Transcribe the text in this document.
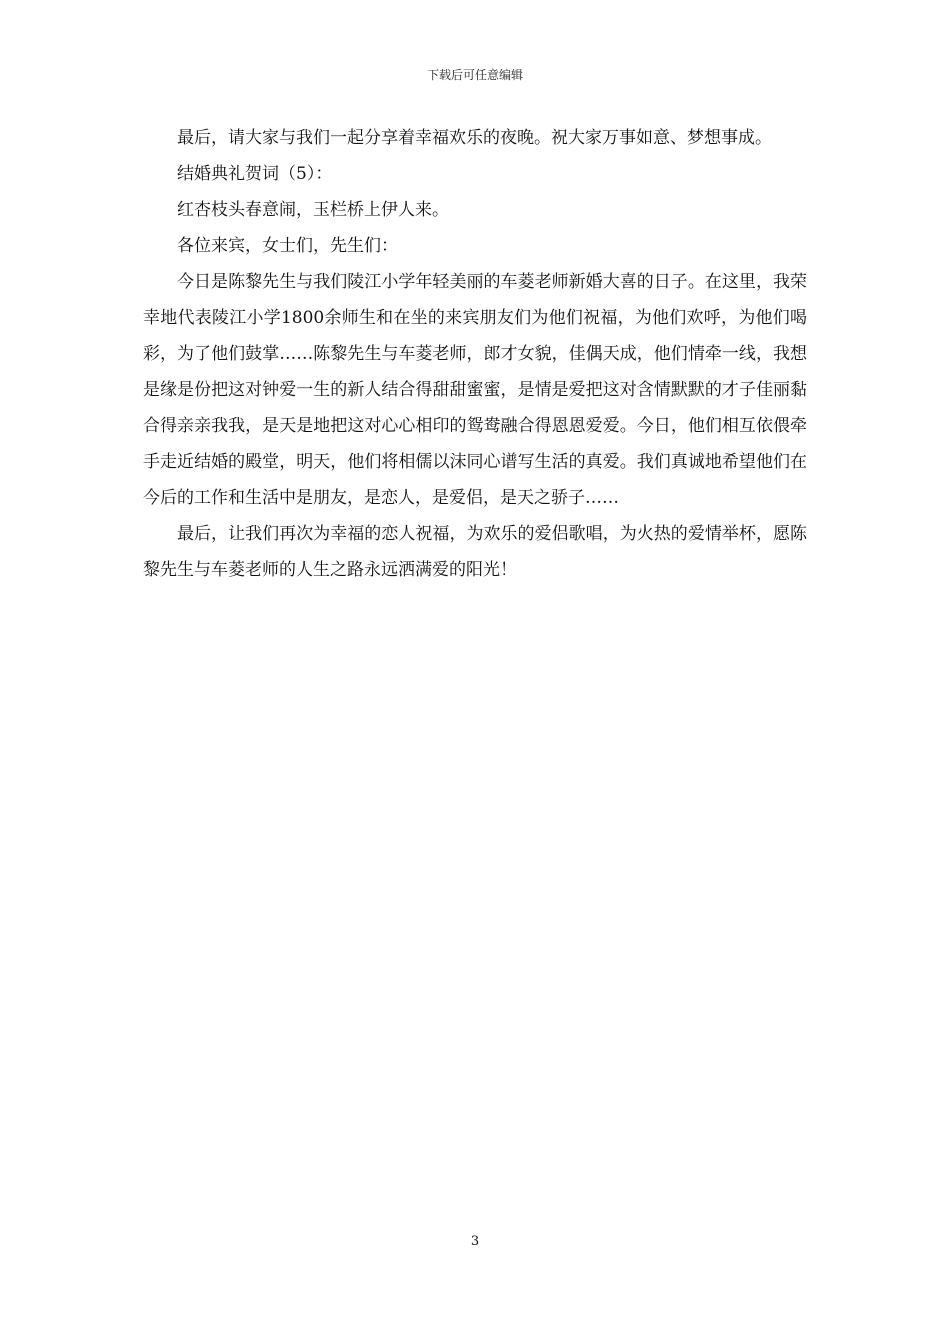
下载后可任意编辑

最后，请大家与我们一起分享着幸福欢乐的夜晚。祝大家万事如意、梦想事成。

结婚典礼贺词（5）：

红杏枝头春意闹，玉栏桥上伊人来。

各位来宾，女士们，先生们：

今日是陈黎先生与我们陵江小学年轻美丽的车菱老师新婚大喜的日子。在这里，我荣幸地代表陵江小学1800余师生和在坐的来宾朋友们为他们祝福，为他们欢呼，为他们喝彩，为了他们鼓掌……陈黎先生与车菱老师，郎才女貌，佳偶天成，他们情牵一线，我想是缘是份把这对钟爱一生的新人结合得甜甜蜜蜜，是情是爱把这对含情默默的才子佳丽黏合得亲亲我我，是天是地把这对心心相印的鸳鸯融合得恩恩爱爱。今日，他们相互依偎牵手走近结婚的殿堂，明天，他们将相儒以沫同心谱写生活的真爱。我们真诚地希望他们在今后的工作和生活中是朋友，是恋人，是爱侣，是天之骄子……

最后，让我们再次为幸福的恋人祝福，为欢乐的爱侣歌唱，为火热的爱情举杯，愿陈黎先生与车菱老师的人生之路永远洒满爱的阳光！

3
